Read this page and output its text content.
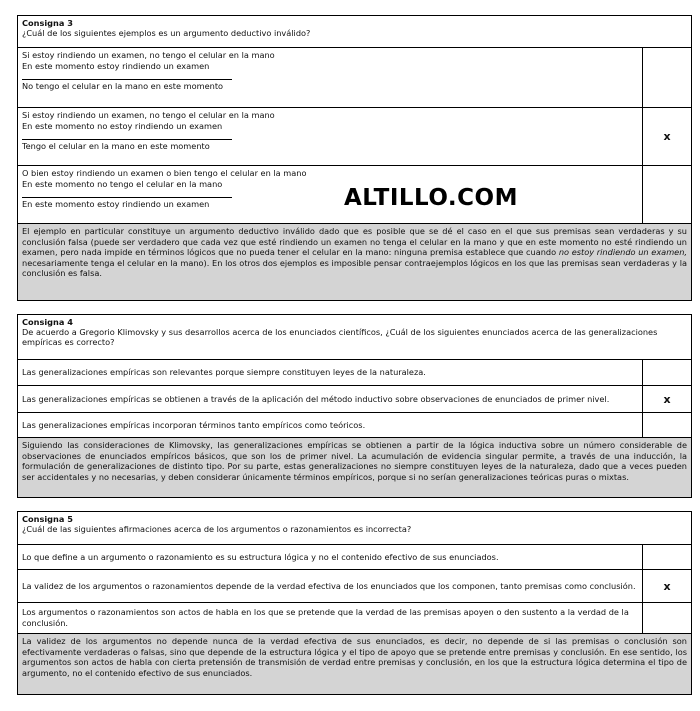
Consigna 3
¿Cuál de los siguientes ejemplos es un argumento deductivo inválido?
Si estoy rindiendo un examen, no tengo el celular en la mano
En este momento estoy rindiendo un examen
No tengo el celular en la mano en este momento
Si estoy rindiendo un examen, no tengo el celular en la mano
En este momento no estoy rindiendo un examen
Tengo el celular en la mano en este momento
x
O bien estoy rindiendo un examen o bien tengo el celular en la mano
En este momento no tengo el celular en la mano
En este momento estoy rindiendo un examen
El ejemplo en particular constituye un argumento deductivo inválido dado que es posible que se dé el caso en el que sus premisas sean verdaderas y su conclusión falsa (puede ser verdadero que cada vez que esté rindiendo un examen no tenga el celular en la mano y que en este momento no esté rindiendo un examen, pero nada impide en términos lógicos que no pueda tener el celular en la mano: ninguna premisa establece que cuando no estoy rindiendo un examen, necesariamente tenga el celular en la mano). En los otros dos ejemplos es imposible pensar contraejemplos lógicos en los que las premisas sean verdaderas y la conclusión es falsa.
ALTILLO.COM
Consigna 4
De acuerdo a Gregorio Klimovsky y sus desarrollos acerca de los enunciados científicos, ¿Cuál de los siguientes enunciados acerca de las generalizaciones empíricas es correcto?
Las generalizaciones empíricas son relevantes porque siempre constituyen leyes de la naturaleza.
Las generalizaciones empíricas se obtienen a través de la aplicación del método inductivo sobre observaciones de enunciados de primer nivel.	x
Las generalizaciones empíricas incorporan términos tanto empíricos como teóricos.
Siguiendo las consideraciones de Klimovsky, las generalizaciones empíricas se obtienen a partir de la lógica inductiva sobre un número considerable de observaciones de enunciados empíricos básicos, que son los de primer nivel. La acumulación de evidencia singular permite, a través de una inducción, la formulación de generalizaciones de distinto tipo. Por su parte, estas generalizaciones no siempre constituyen leyes de la naturaleza, dado que a veces pueden ser accidentales y no necesarias, y deben considerar únicamente términos empíricos, porque si no serían generalizaciones teóricas puras o mixtas.
Consigna 5
¿Cuál de las siguientes afirmaciones acerca de los argumentos o razonamientos es incorrecta?
Lo que define a un argumento o razonamiento es su estructura lógica y no el contenido efectivo de sus enunciados.
La validez de los argumentos o razonamientos depende de la verdad efectiva de los enunciados que los componen, tanto premisas como conclusión.	x
Los argumentos o razonamientos son actos de habla en los que se pretende que la verdad de las premisas apoyen o den sustento a la verdad de la conclusión.
La validez de los argumentos no depende nunca de la verdad efectiva de sus enunciados, es decir, no depende de si las premisas o conclusión son efectivamente verdaderas o falsas, sino que depende de la estructura lógica y el tipo de apoyo que se pretende entre premisas y conclusión. En ese sentido, los argumentos son actos de habla con cierta pretensión de transmisión de verdad entre premisas y conclusión, en los que la estructura lógica determina el tipo de argumento, no el contenido efectivo de sus enunciados.
